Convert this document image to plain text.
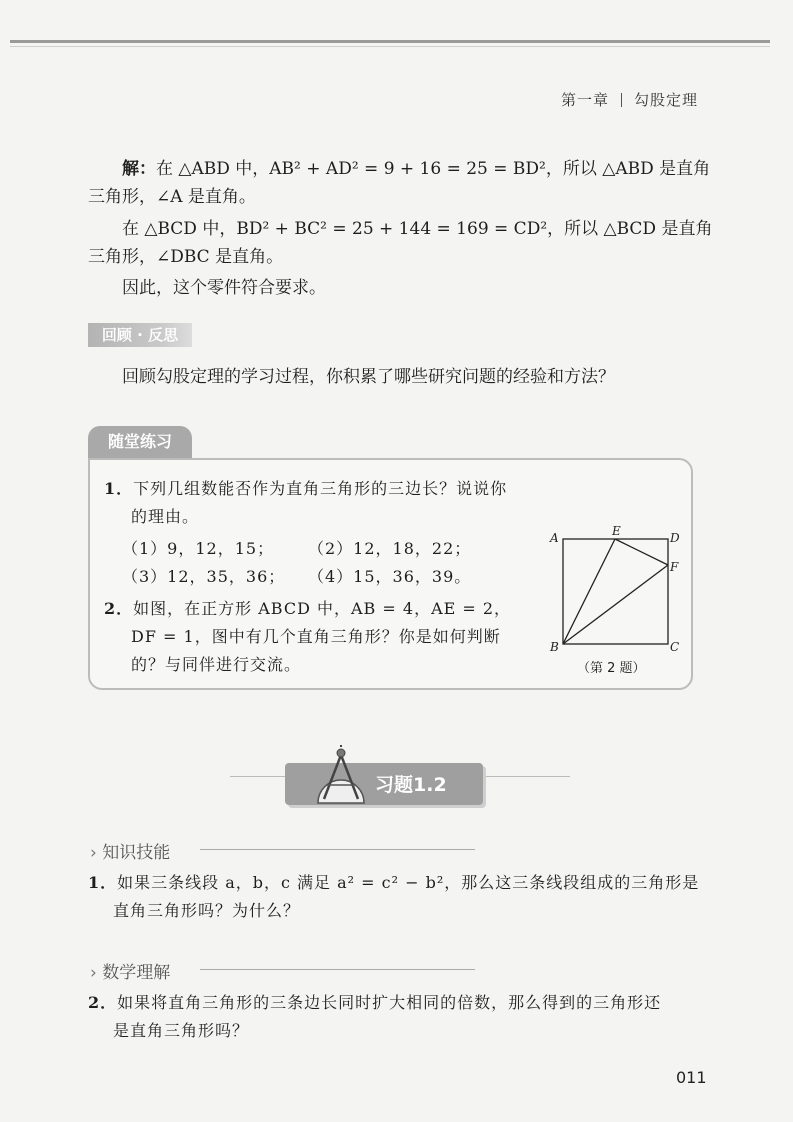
第一章 勾股定理
解：在 △ABD 中，AB² + AD² = 9 + 16 = 25 = BD²，所以 △ABD 是直角
三角形，∠A 是直角。
在 △BCD 中，BD² + BC² = 25 + 144 = 169 = CD²，所以 △BCD 是直角
三角形，∠DBC 是直角。
因此，这个零件符合要求。
回顾 · 反思
回顾勾股定理的学习过程，你积累了哪些研究问题的经验和方法？
随堂练习
1．下列几组数能否作为直角三角形的三边长？说说你
的理由。
（1）9，12，15； （2）12，18，22；
（3）12，35，36； （4）15，36，39。
2．如图，在正方形 ABCD 中，AB = 4，AE = 2，
DF = 1，图中有几个直角三角形？你是如何判断
的？与同伴进行交流。
A	E	D
F
B	C
（第 2 题）
习题1.2
› 知识技能
1．如果三条线段 a，b，c 满足 a² = c² − b²，那么这三条线段组成的三角形是
直角三角形吗？为什么？
› 数学理解
2．如果将直角三角形的三条边长同时扩大相同的倍数，那么得到的三角形还
是直角三角形吗？
011
